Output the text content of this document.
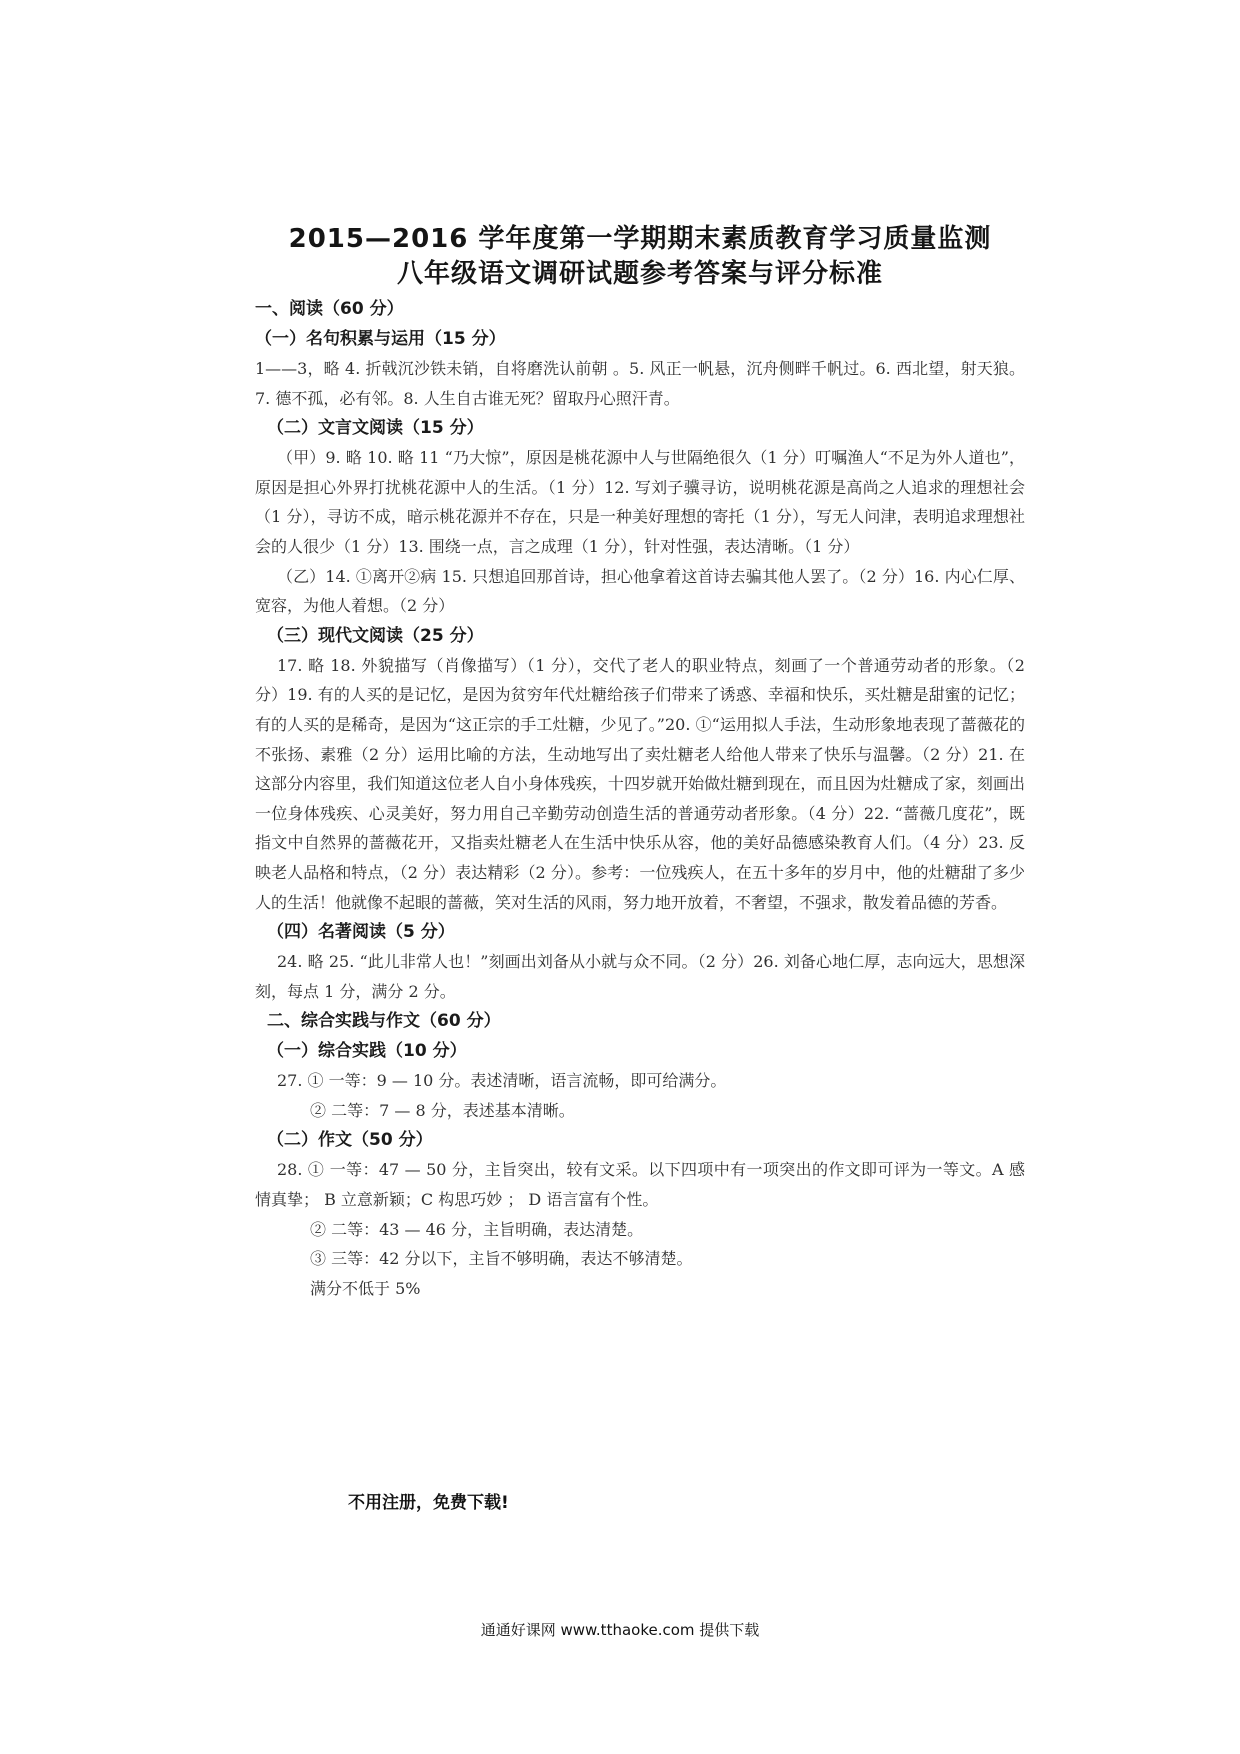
2015—2016 学年度第一学期期末素质教育学习质量监测
八年级语文调研试题参考答案与评分标准
一、阅读（60 分）
（一）名句积累与运用（15 分）
1——3，略 4. 折戟沉沙铁未销，自将磨洗认前朝 。5. 风正一帆悬，沉舟侧畔千帆过。6. 西北望，射天狼。7. 德不孤，必有邻。8. 人生自古谁无死？留取丹心照汗青。
（二）文言文阅读（15 分）
（甲）9. 略 10. 略 11 “乃大惊”，原因是桃花源中人与世隔绝很久（1 分）叮嘱渔人“不足为外人道也”，原因是担心外界打扰桃花源中人的生活。（1 分）12. 写刘子骥寻访，说明桃花源是高尚之人追求的理想社会（1 分），寻访不成，暗示桃花源并不存在，只是一种美好理想的寄托（1 分），写无人问津，表明追求理想社会的人很少（1 分）13. 围绕一点，言之成理（1 分），针对性强，表达清晰。（1 分）
（乙）14. ①离开②病 15. 只想追回那首诗，担心他拿着这首诗去骗其他人罢了。（2 分）16. 内心仁厚、宽容，为他人着想。（2 分）
（三）现代文阅读（25 分）
17. 略 18. 外貌描写（肖像描写）（1 分），交代了老人的职业特点，刻画了一个普通劳动者的形象。（2 分）19. 有的人买的是记忆，是因为贫穷年代灶糖给孩子们带来了诱惑、幸福和快乐，买灶糖是甜蜜的记忆；有的人买的是稀奇，是因为“这正宗的手工灶糖，少见了。”20. ①“运用拟人手法，生动形象地表现了蔷薇花的不张扬、素雅（2 分）运用比喻的方法，生动地写出了卖灶糖老人给他人带来了快乐与温馨。（2 分）21. 在这部分内容里，我们知道这位老人自小身体残疾，十四岁就开始做灶糖到现在，而且因为灶糖成了家，刻画出一位身体残疾、心灵美好，努力用自己辛勤劳动创造生活的普通劳动者形象。（4 分）22. “蔷薇几度花”，既指文中自然界的蔷薇花开，又指卖灶糖老人在生活中快乐从容，他的美好品德感染教育人们。（4 分）23. 反映老人品格和特点，（2 分）表达精彩（2 分）。参考：一位残疾人，在五十多年的岁月中，他的灶糖甜了多少人的生活！他就像不起眼的蔷薇，笑对生活的风雨，努力地开放着，不奢望，不强求，散发着品德的芳香。
（四）名著阅读（5 分）
24. 略 25. “此儿非常人也！”刻画出刘备从小就与众不同。（2 分）26. 刘备心地仁厚，志向远大，思想深刻，每点 1 分，满分 2 分。
二、综合实践与作文（60 分）
（一）综合实践（10 分）
27. ① 一等：9 — 10 分。表述清晰，语言流畅，即可给满分。
② 二等：7 — 8 分，表述基本清晰。
（二）作文（50 分）
28. ① 一等：47 — 50 分，主旨突出，较有文采。以下四项中有一项突出的作文即可评为一等文。A 感情真挚； B 立意新颖；C 构思巧妙 ； D 语言富有个性。
② 二等：43 — 46 分，主旨明确，表达清楚。
③ 三等：42 分以下，主旨不够明确，表达不够清楚。
满分不低于 5%
不用注册，免费下载!
通通好课网 www.tthaoke.com 提供下载
